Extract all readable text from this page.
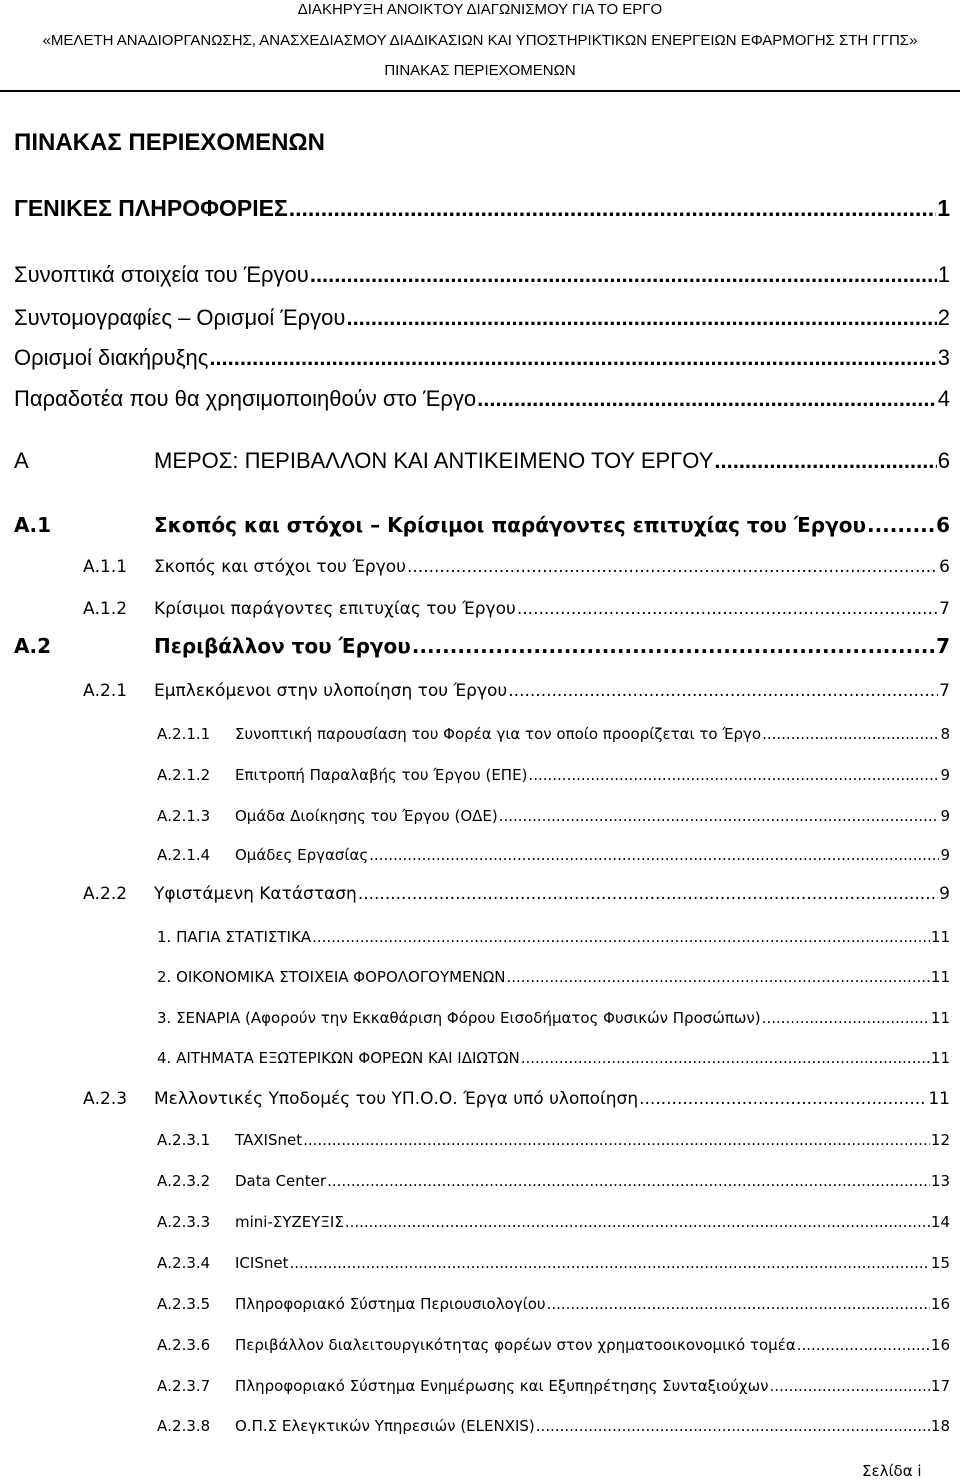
ΔΙΑΚΗΡΥΞΗ ΑΝΟΙΚΤΟΥ ΔΙΑΓΩΝΙΣΜΟΥ ΓΙΑ ΤΟ ΕΡΓΟ
«ΜΕΛΕΤΗ ΑΝΑΔΙΟΡΓΑΝΩΣΗΣ, ΑΝΑΣΧΕΔΙΑΣΜΟΥ ΔΙΑΔΙΚΑΣΙΩΝ ΚΑΙ ΥΠΟΣΤΗΡΙΚΤΙΚΩΝ ΕΝΕΡΓΕΙΩΝ ΕΦΑΡΜΟΓΗΣ ΣΤΗ ΓΓΠΣ»
ΠΙΝΑΚΑΣ ΠΕΡΙΕΧΟΜΕΝΩΝ
ΠΙΝΑΚΑΣ ΠΕΡΙΕΧΟΜΕΝΩΝ
ΓΕΝΙΚΕΣ ΠΛΗΡΟΦΟΡΙΕΣ .....	1
Συνοπτικά στοιχεία του Έργου .....	1
Συντομογραφίες – Ορισμοί Έργου .....	2
Ορισμοί διακήρυξης .....	3
Παραδοτέα που θα χρησιμοποιηθούν στο Έργο .....	4
Α	ΜΕΡΟΣ: ΠΕΡΙΒΑΛΛΟΝ ΚΑΙ ΑΝΤΙΚΕΙΜΕΝΟ ΤΟΥ ΕΡΓΟΥ .....	6
Α.1	Σκοπός και στόχοι – Κρίσιμοι παράγοντες επιτυχίας του Έργου .....	6
Α.1.1	Σκοπός και στόχοι του Έργου .....	6
Α.1.2	Κρίσιμοι παράγοντες επιτυχίας του Έργου .....	7
Α.2	Περιβάλλον του Έργου .....	7
Α.2.1	Εμπλεκόμενοι στην υλοποίηση του Έργου .....	7
Α.2.1.1	Συνοπτική παρουσίαση του Φορέα για τον οποίο προορίζεται το Έργο .....	8
Α.2.1.2	Επιτροπή Παραλαβής του Έργου (ΕΠΕ) .....	9
Α.2.1.3	Ομάδα Διοίκησης του Έργου (ΟΔΕ) .....	9
Α.2.1.4	Ομάδες Εργασίας .....	9
Α.2.2	Υφιστάμενη Κατάσταση .....	9
1. ΠΑΓΙΑ ΣΤΑΤΙΣΤΙΚΑ .....	11
2. ΟΙΚΟΝΟΜΙΚΑ ΣΤΟΙΧΕΙΑ ΦΟΡΟΛΟΓΟΥΜΕΝΩΝ .....	11
3. ΣΕΝΑΡΙΑ (Αφορούν την Εκκαθάριση Φόρου Εισοδήματος Φυσικών Προσώπων) .....	11
4. ΑΙΤΗΜΑΤΑ ΕΞΩΤΕΡΙΚΩΝ ΦΟΡΕΩΝ ΚΑΙ ΙΔΙΩΤΩΝ .....	11
Α.2.3	Μελλοντικές Υποδομές του ΥΠ.Ο.Ο. Έργα υπό υλοποίηση .....	11
Α.2.3.1	TAXISnet .....	12
Α.2.3.2	Data Center .....	13
Α.2.3.3	mini-ΣΥΖΕΥΞΙΣ .....	14
Α.2.3.4	ICISnet .....	15
Α.2.3.5	Πληροφοριακό Σύστημα Περιουσιολογίου .....	16
Α.2.3.6	Περιβάλλον διαλειτουργικότητας φορέων στον χρηματοοικονομικό τομέα .....	16
Α.2.3.7	Πληροφοριακό Σύστημα Ενημέρωσης και Εξυπηρέτησης Συνταξιούχων .....	17
Α.2.3.8	Ο.Π.Σ Ελεγκτικών Υπηρεσιών (ELENXIS) .....	18
Σελίδα i
